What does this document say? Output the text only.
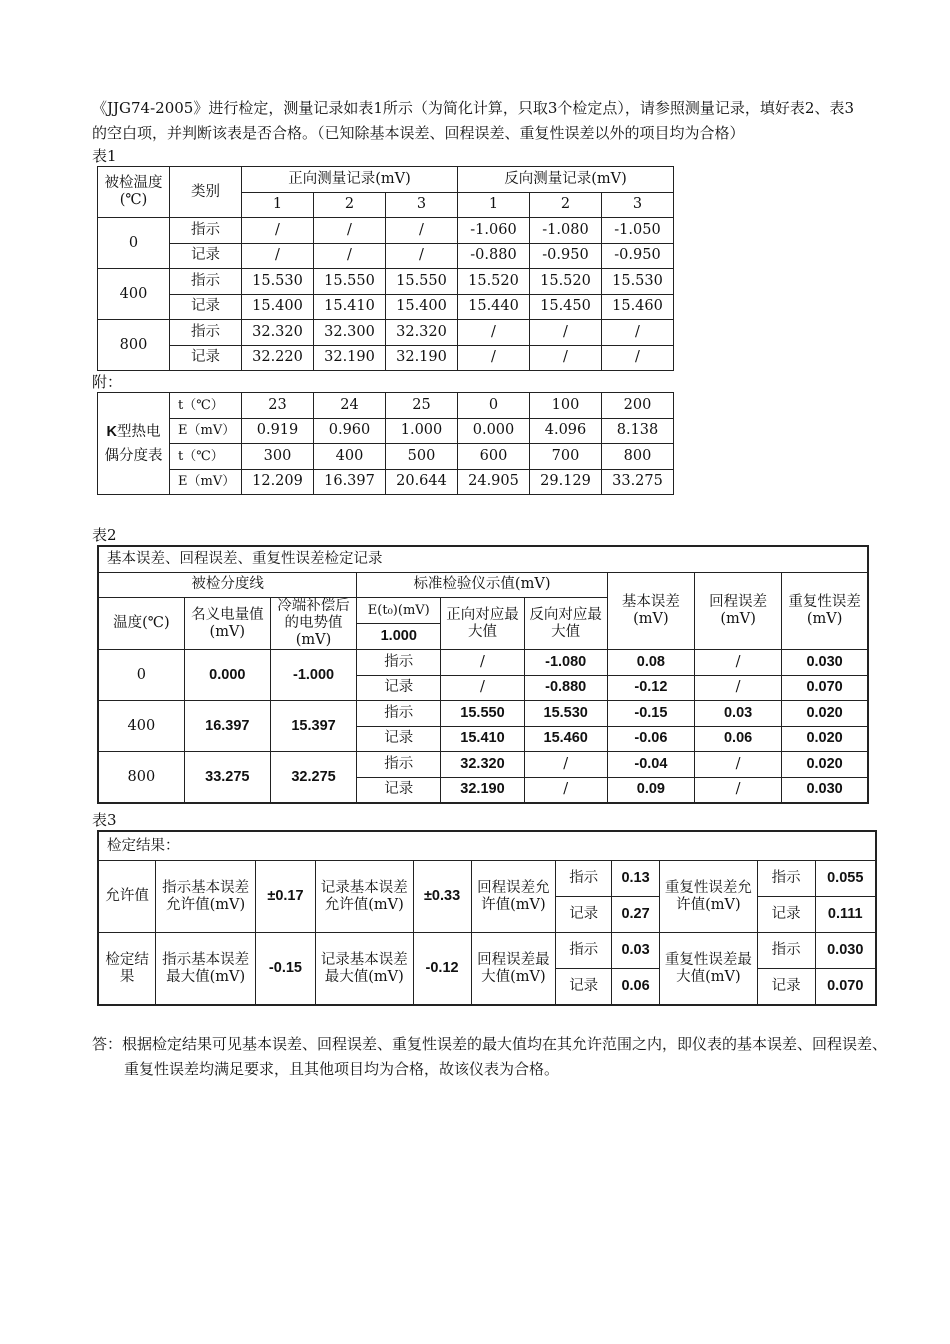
《JJG74-2005》进行检定，测量记录如表1所示（为简化计算，只取3个检定点），请参照测量记录，填好表2、表3的空白项，并判断该表是否合格。（已知除基本误差、回程误差、重复性误差以外的项目均为合格）

表1

被检温度(℃)	类别	正向测量记录(mV)			反向测量记录(mV)		
		1	2	3	1	2	3
0	指示	/	/	/	-1.060	-1.080	-1.050
	记录	/	/	/	-0.880	-0.950	-0.950
400	指示	15.530	15.550	15.550	15.520	15.520	15.530
	记录	15.400	15.410	15.400	15.440	15.450	15.460
800	指示	32.320	32.300	32.320	/	/	/
	记录	32.220	32.190	32.190	/	/	/

附：

K型热电偶分度表	t（℃）	23	24	25	0	100	200
	E（mV）	0.919	0.960	1.000	0.000	4.096	8.138
	t（℃）	300	400	500	600	700	800
	E（mV）	12.209	16.397	20.644	24.905	29.129	33.275

表2

基本误差、回程误差、重复性误差检定记录								
被检分度线			标准检验仪示值(mV)			基本误差(mV)	回程误差(mV)	重复性误差(mV)
温度(℃)	名义电量值(mV)	冷端补偿后的电势值(mV)	E(t₀)(mV)	正向对应最大值	反向对应最大值			
			1.000					
0	0.000	-1.000	指示	/	-1.080	0.08	/	0.030
			记录	/	-0.880	-0.12	/	0.070
400	16.397	15.397	指示	15.550	15.530	-0.15	0.03	0.020
			记录	15.410	15.460	-0.06	0.06	0.020
800	33.275	32.275	指示	32.320	/	-0.04	/	0.020
			记录	32.190	/	0.09	/	0.030

表3

检定结果：										
允许值	指示基本误差允许值(mV)	±0.17	记录基本误差允许值(mV)	±0.33	回程误差允许值(mV)	指示	0.13	重复性误差允许值(mV)	指示	0.055
						记录	0.27		记录	0.111
检定结果	指示基本误差最大值(mV)	-0.15	记录基本误差最大值(mV)	-0.12	回程误差最大值(mV)	指示	0.03	重复性误差最大值(mV)	指示	0.030
						记录	0.06		记录	0.070

答：根据检定结果可见基本误差、回程误差、重复性误差的最大值均在其允许范围之内，即仪表的基本误差、回程误差、重复性误差均满足要求，且其他项目均为合格，故该仪表为合格。
